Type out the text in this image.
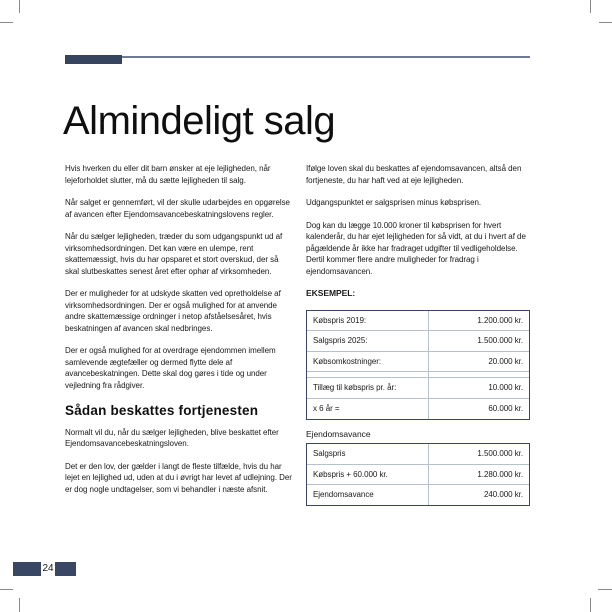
Almindeligt salg

Hvis hverken du eller dit barn ønsker at eje lejligheden, når lejeforholdet slutter, må du sætte lejligheden til salg.

Når salget er gennemført, vil der skulle udarbejdes en opgørelse af avancen efter Ejendomsavancebeskatningslovens regler.

Når du sælger lejligheden, træder du som udgangspunkt ud af virksomhedsordningen. Det kan være en ulempe, rent skattemæssigt, hvis du har opsparet et stort overskud, der så skal slutbeskattes senest året efter ophør af virksomheden.

Der er muligheder for at udskyde skatten ved opretholdelse af virksomhedsordningen. Der er også mulighed for at anvende andre skattemæssige ordninger i netop afståelsesåret, hvis beskatningen af avancen skal nedbringes.

Der er også mulighed for at overdrage ejendommen imellem samlevende ægtefæller og dermed flytte dele af avancebeskatningen. Dette skal dog gøres i tide og under vejledning fra rådgiver.

Sådan beskattes fortjenesten

Normalt vil du, når du sælger lejligheden, blive beskattet efter Ejendomsavancebeskatningsloven.

Det er den lov, der gælder i langt de fleste tilfælde, hvis du har lejet en lejlighed ud, uden at du i øvrigt har levet af udlejning. Der er dog nogle undtagelser, som vi behandler i næste afsnit.

Ifølge loven skal du beskattes af ejendomsavancen, altså den fortjeneste, du har haft ved at eje lejligheden.

Udgangspunktet er salgsprisen minus købsprisen.

Dog kan du lægge 10.000 kroner til købsprisen for hvert kalenderår, du har ejet lejligheden for så vidt, at du i hvert af de pågældende år ikke har fradraget udgifter til vedligeholdelse. Dertil kommer flere andre muligheder for fradrag i ejendomsavancen.

EKSEMPEL:
Købspris 2019:	1.200.000 kr.
Salgspris 2025:	1.500.000 kr.
Købsomkostninger:	20.000 kr.
Tillæg til købspris pr. år:	10.000 kr.
x 6 år =	60.000 kr.
Ejendomsavance
Salgspris	1.500.000 kr.
Købspris + 60.000 kr.	1.280.000 kr.
Ejendomsavance	240.000 kr.
24
